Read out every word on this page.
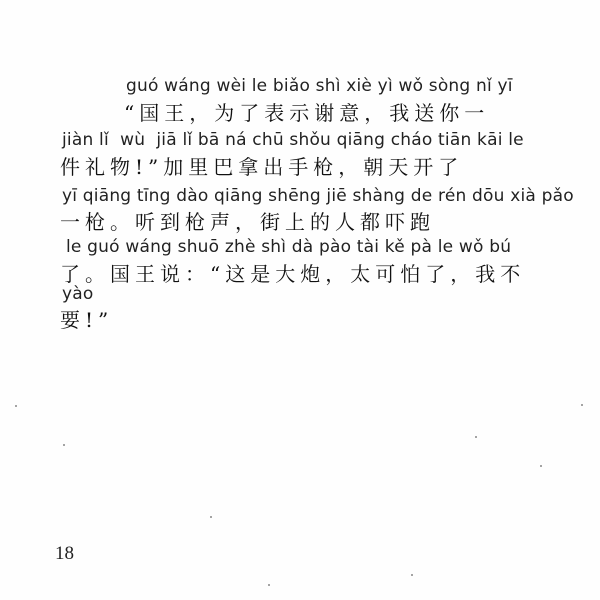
guó wáng wèi le biǎo shì xiè yì wǒ sòng nǐ yī
“国王，为了表示谢意，我送你一
jiàn lǐ  wù  jiā lǐ bā ná chū shǒu qiāng cháo tiān kāi le
件礼物!”加里巴拿出手枪，朝天开了
yī qiāng tīng dào qiāng shēng jiē shàng de rén dōu xià pǎo
一枪。听到枪声，街上的人都吓跑
le guó wáng shuō zhè shì dà pào tài kě pà le wǒ bú
了。国王说：“这是大炮，太可怕了，我不
yào
要!”
18
